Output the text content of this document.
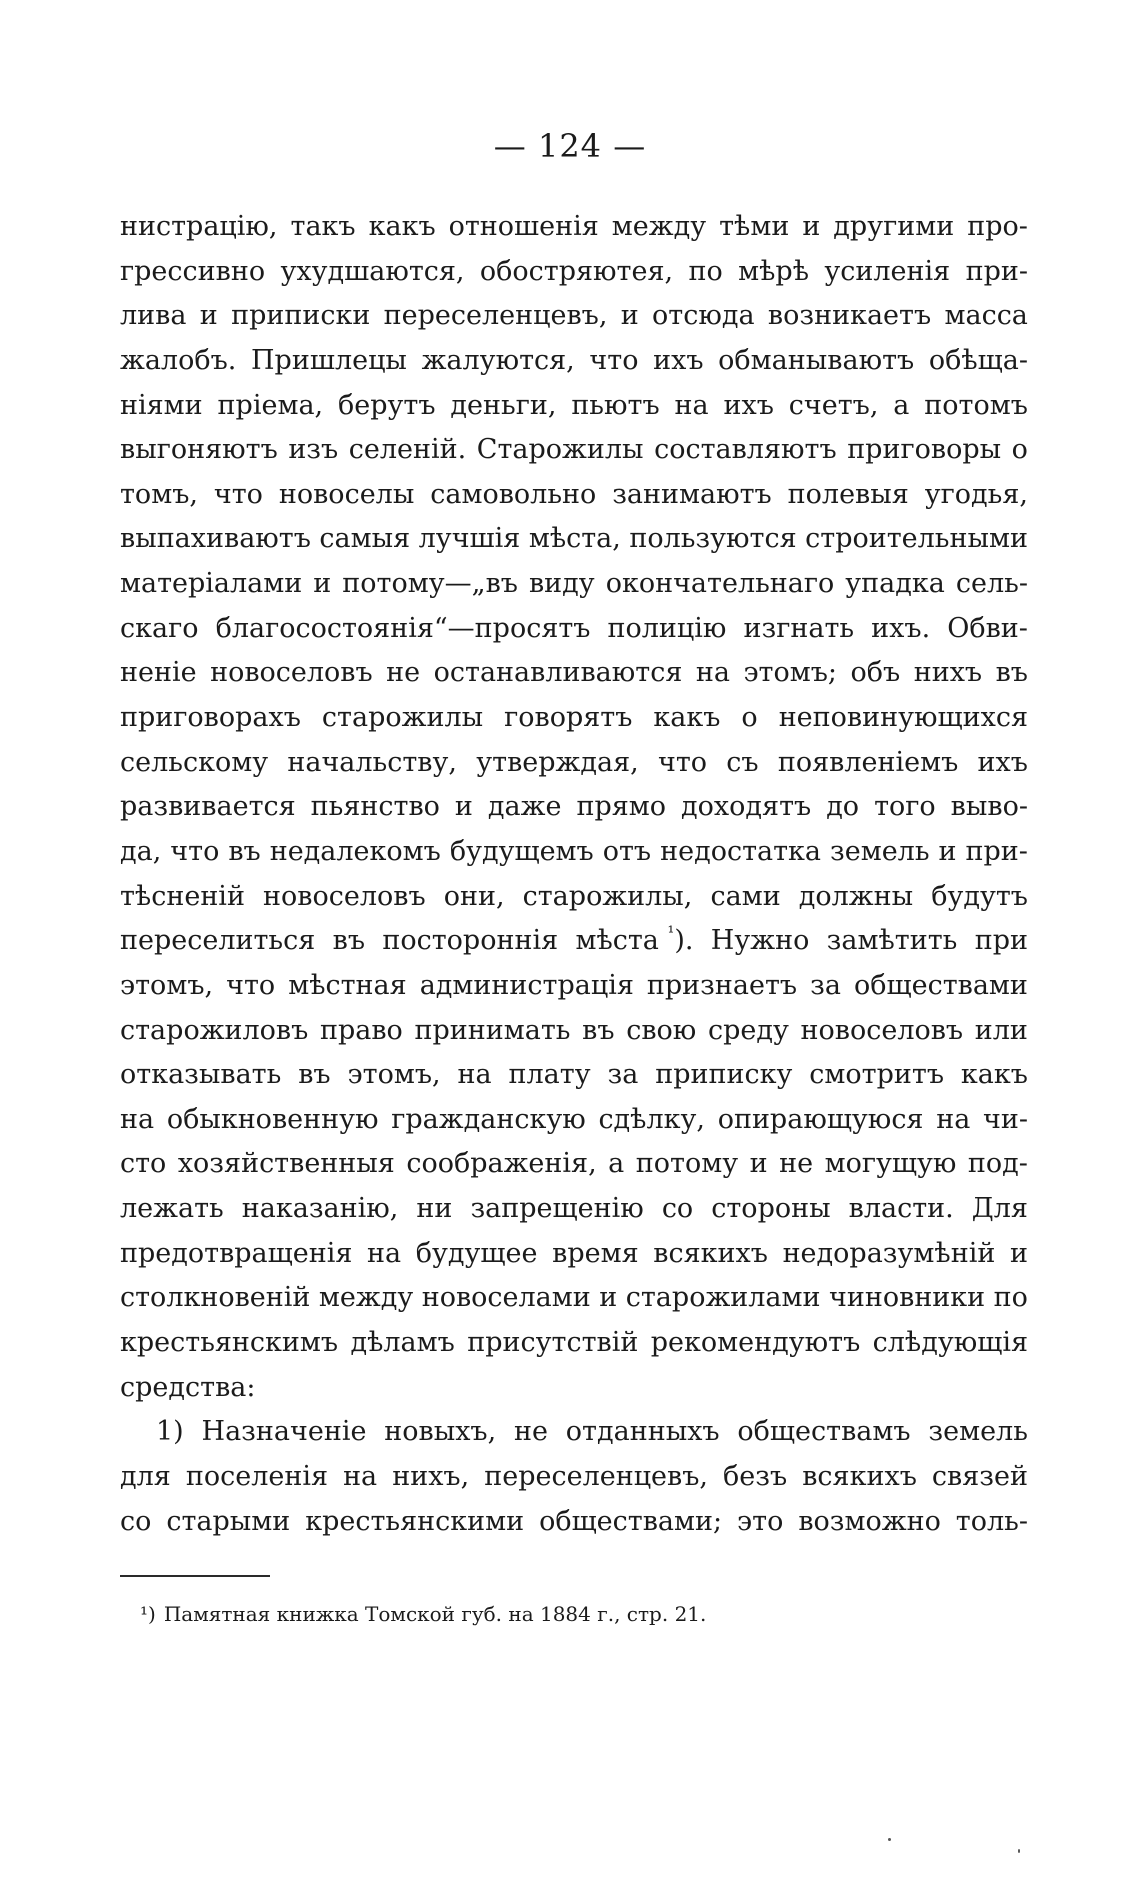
— 124 —
нистрацію, такъ какъ отношенія между тѣми и другими про-
грессивно ухудшаются, обостряютея, по мѣрѣ усиленія при-
лива и приписки переселенцевъ, и отсюда возникаетъ масса
жалобъ. Пришлецы жалуются, что ихъ обманываютъ обѣща-
ніями пріема, берутъ деньги, пьютъ на ихъ счетъ, а потомъ
выгоняютъ изъ селеній. Старожилы составляютъ приговоры о
томъ, что новоселы самовольно занимаютъ полевыя угодья,
выпахиваютъ самыя лучшія мѣста, пользуются строительными
матеріалами и потому—„въ виду окончательнаго упадка сель-
скаго благосостоянія“—просятъ полицію изгнать ихъ. Обви-
неніе новоселовъ не останавливаются на этомъ; объ нихъ въ
приговорахъ старожилы говорятъ какъ о неповинующихся
сельскому начальству, утверждая, что съ появленіемъ ихъ
развивается пьянство и даже прямо доходятъ до того выво-
да, что въ недалекомъ будущемъ отъ недостатка земель и при-
тѣсненій новоселовъ они, старожилы, сами должны будутъ
переселиться въ постороннія мѣста $^{^1}$). Нужно замѣтить при
этомъ, что мѣстная администрація признаетъ за обществами
старожиловъ право принимать въ свою среду новоселовъ или
отказывать въ этомъ, на плату за приписку смотритъ какъ
на обыкновенную гражданскую сдѣлку, опирающуюся на чи-
сто хозяйственныя соображенія, а потому и не могущую под-
лежать наказанію, ни запрещенію со стороны власти. Для
предотвращенія на будущее время всякихъ недоразумѣній и
столкновеній между новоселами и старожилами чиновники по
крестьянскимъ дѣламъ присутствій рекомендуютъ слѣдующія
средства:
1) Назначеніе новыхъ, не отданныхъ обществамъ земель
для поселенія на нихъ, переселенцевъ, безъ всякихъ связей
со старыми крестьянскими обществами; это возможно толь-
¹) Памятная книжка Томской губ. на 1884 г., стр. 21.
